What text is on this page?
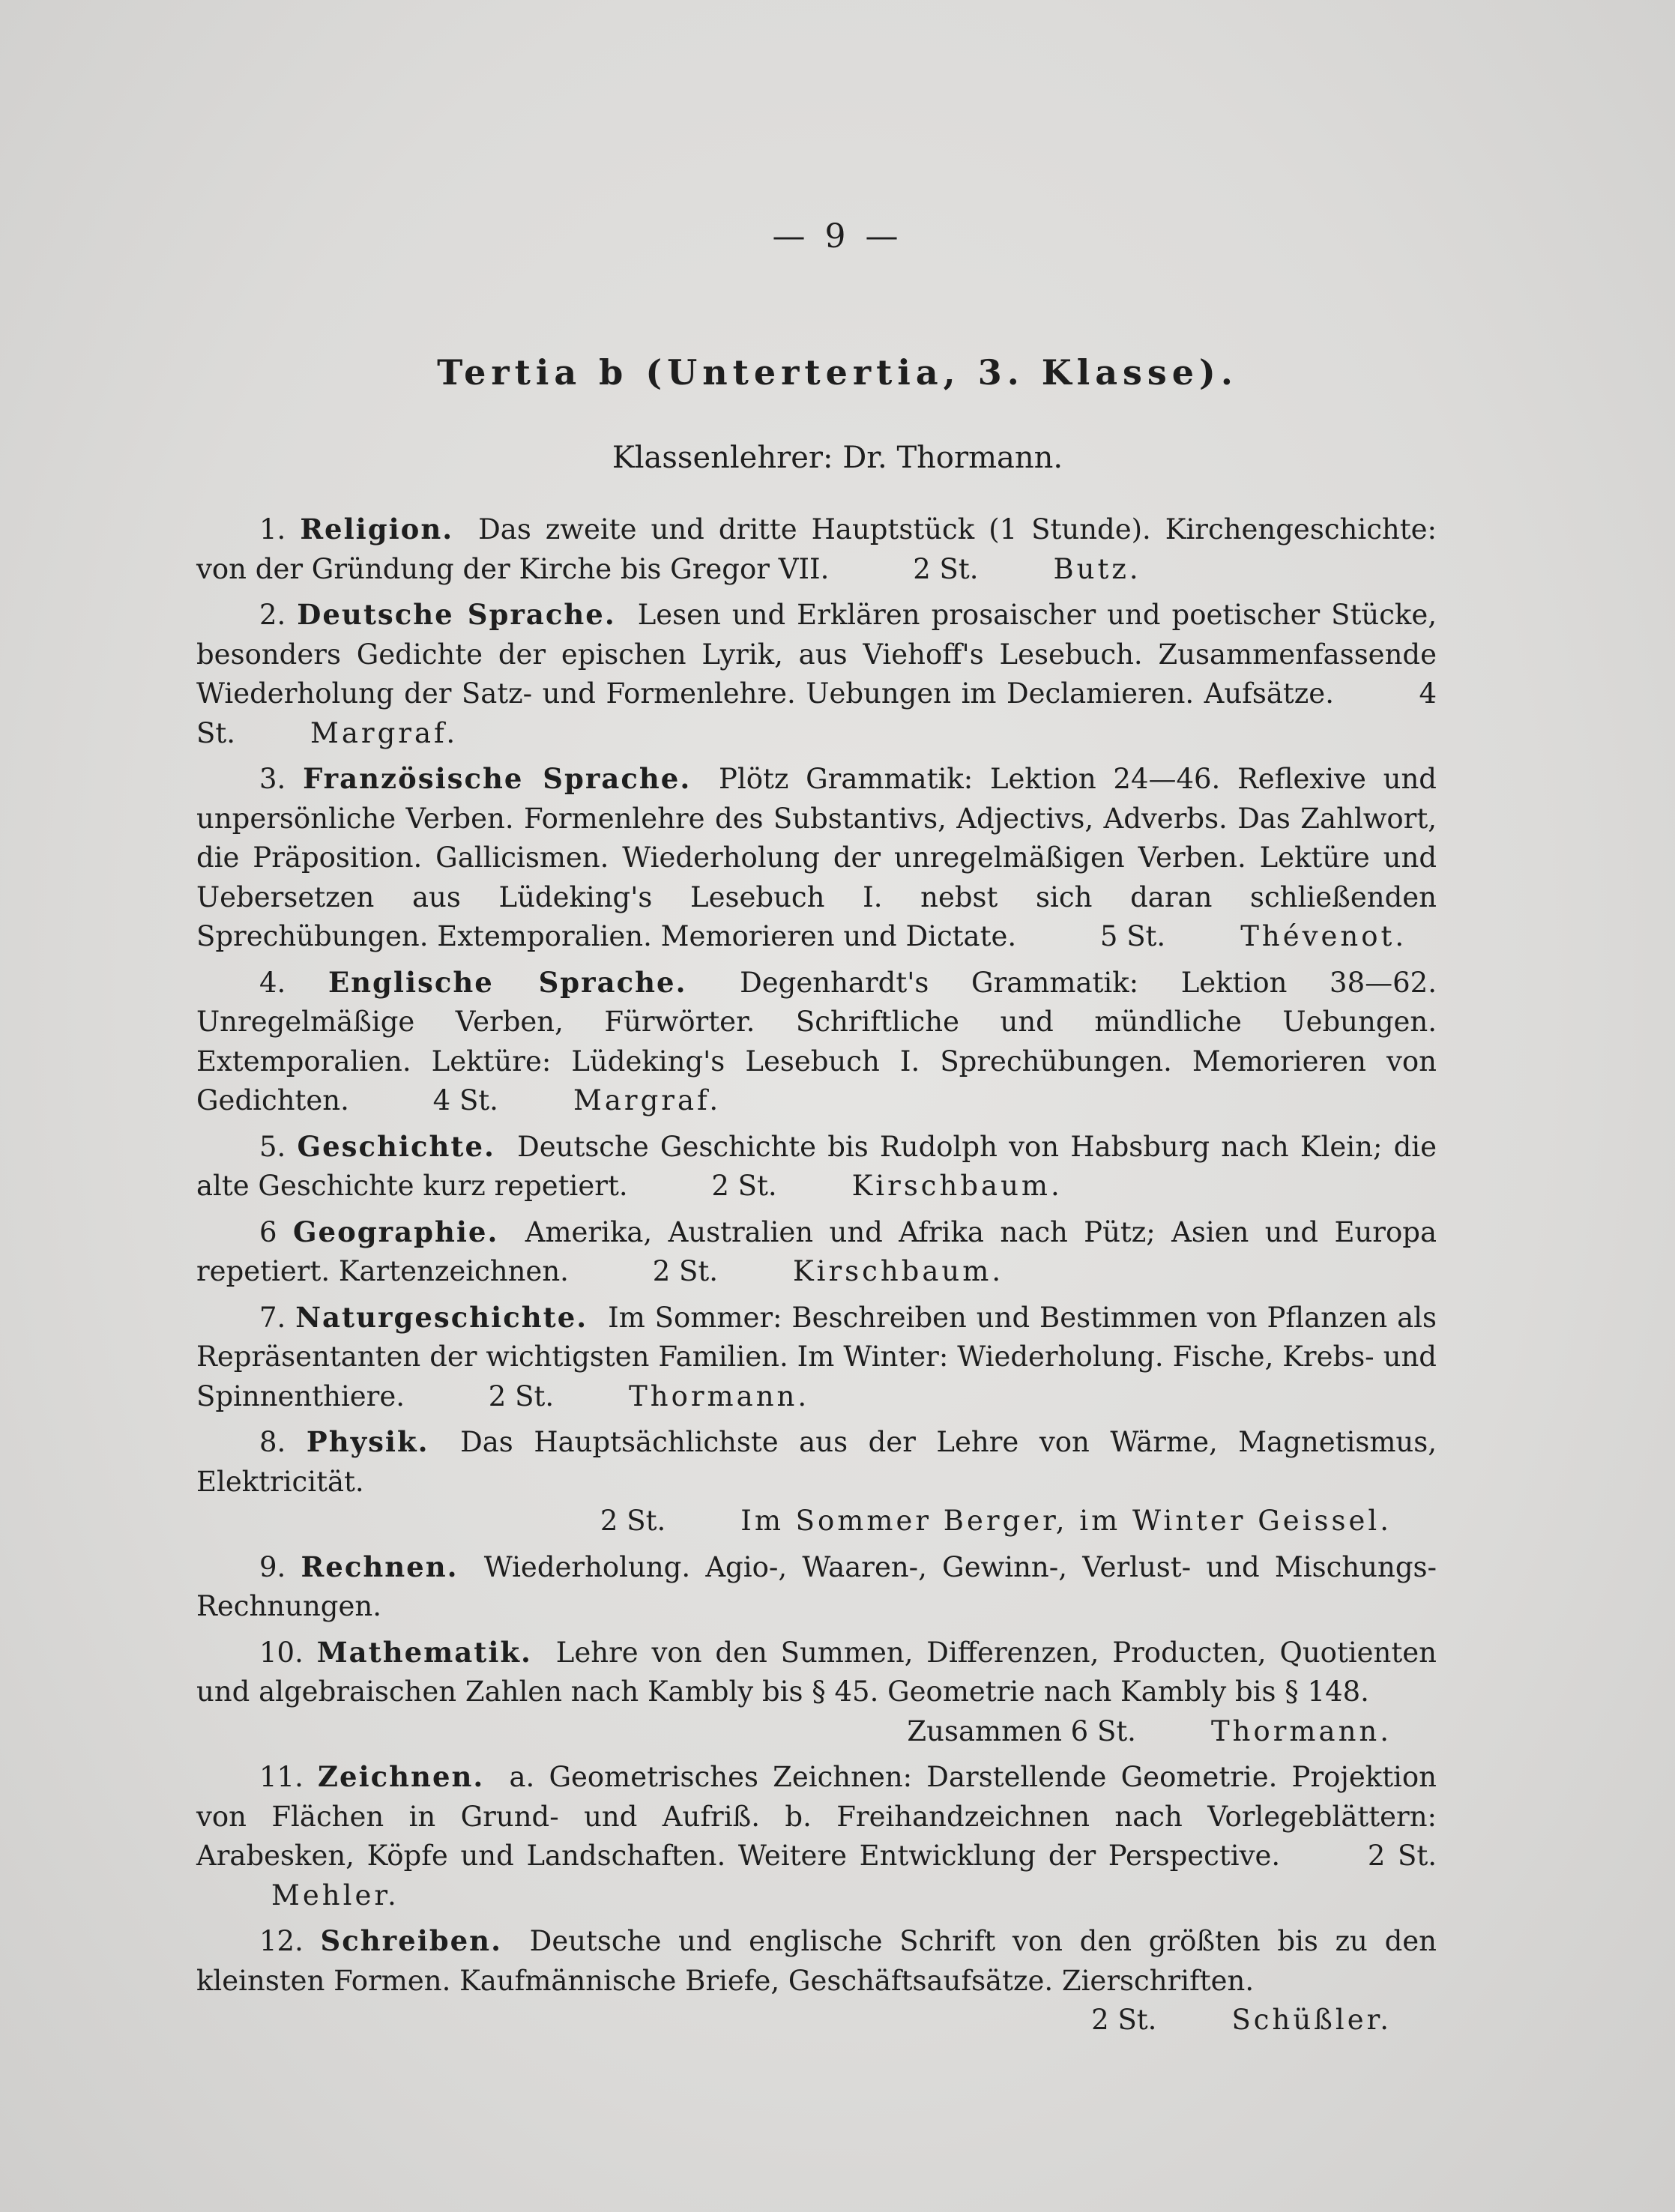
— 9 —
Tertia b (Untertertia, 3. Klasse).
Klassenlehrer: Dr. Thormann.
1. Religion. Das zweite und dritte Hauptstück (1 Stunde). Kirchengeschichte: von der Gründung der Kirche bis Gregor VII.	2 St.	Butz.
2. Deutsche Sprache. Lesen und Erklären prosaischer und poetischer Stücke, besonders Gedichte der epischen Lyrik, aus Viehoff's Lesebuch. Zusammenfassende Wiederholung der Satz- und Formenlehre. Uebungen im Declamieren. Aufsätze.	4 St.	Margraf.
3. Französische Sprache. Plötz Grammatik: Lektion 24—46. Reflexive und unpersönliche Verben. Formenlehre des Substantivs, Adjectivs, Adverbs. Das Zahlwort, die Präposition. Gallicismen. Wiederholung der unregelmäßigen Verben. Lektüre und Uebersetzen aus Lüdeking's Lesebuch I. nebst sich daran schließenden Sprechübungen. Extemporalien. Memorieren und Dictate.	5 St.	Thévenot.
4. Englische Sprache. Degenhardt's Grammatik: Lektion 38—62. Unregelmäßige Verben, Fürwörter. Schriftliche und mündliche Uebungen. Extemporalien. Lektüre: Lüdeking's Lesebuch I. Sprechübungen. Memorieren von Gedichten.	4 St.	Margraf.
5. Geschichte. Deutsche Geschichte bis Rudolph von Habsburg nach Klein; die alte Geschichte kurz repetiert.	2 St.	Kirschbaum.
6 Geographie. Amerika, Australien und Afrika nach Pütz; Asien und Europa repetiert. Kartenzeichnen.	2 St.	Kirschbaum.
7. Naturgeschichte. Im Sommer: Beschreiben und Bestimmen von Pflanzen als Repräsentanten der wichtigsten Familien. Im Winter: Wiederholung. Fische, Krebs- und Spinnenthiere.	2 St.	Thormann.
8. Physik. Das Hauptsächlichste aus der Lehre von Wärme, Magnetismus, Elektricität.
2 St.	Im Sommer Berger, im Winter Geissel.
9. Rechnen. Wiederholung. Agio-, Waaren-, Gewinn-, Verlust- und Mischungs-Rechnungen.
10. Mathematik. Lehre von den Summen, Differenzen, Producten, Quotienten und algebraischen Zahlen nach Kambly bis § 45. Geometrie nach Kambly bis § 148.
Zusammen 6 St.	Thormann.
11. Zeichnen. a. Geometrisches Zeichnen: Darstellende Geometrie. Projektion von Flächen in Grund- und Aufriß. b. Freihandzeichnen nach Vorlegeblättern: Arabesken, Köpfe und Landschaften. Weitere Entwicklung der Perspective.	2 St.Mehler.
12. Schreiben. Deutsche und englische Schrift von den größten bis zu den kleinsten Formen. Kaufmännische Briefe, Geschäftsaufsätze. Zierschriften.
2 St.	Schüßler.
